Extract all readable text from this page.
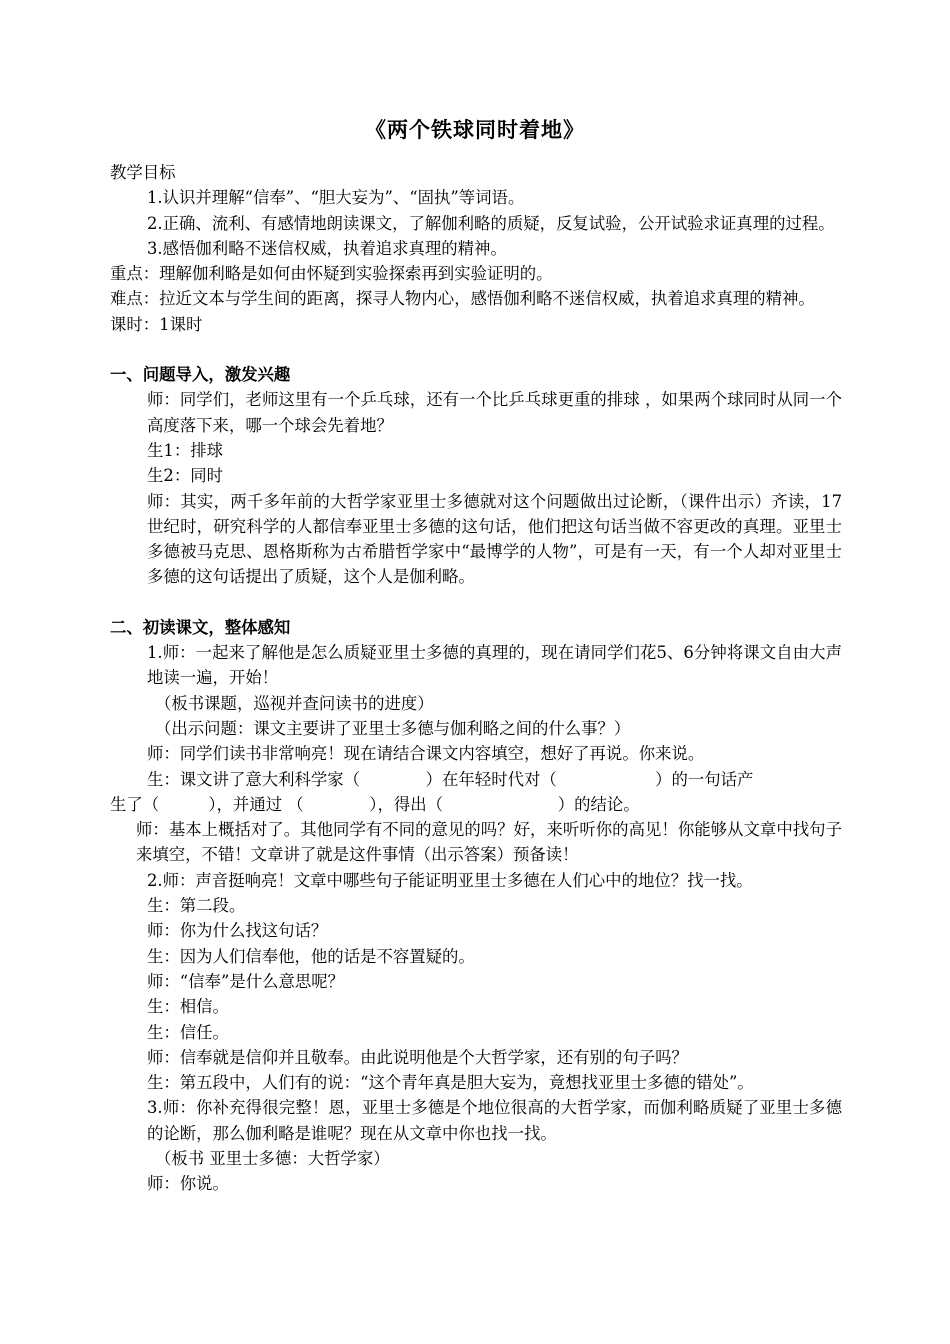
《两个铁球同时着地》

教学目标

1.认识并理解“信奉”、“胆大妄为”、“固执”等词语。

2.正确、流利、有感情地朗读课文，了解伽利略的质疑，反复试验，公开试验求证真理的过程。

3.感悟伽利略不迷信权威，执着追求真理的精神。

重点：理解伽利略是如何由怀疑到实验探索再到实验证明的。

难点：拉近文本与学生间的距离，探寻人物内心，感悟伽利略不迷信权威，执着追求真理的精神。

课时：1课时

一、问题导入，激发兴趣

师：同学们，老师这里有一个乒乓球，还有一个比乒乓球更重的排球 ，如果两个球同时从同一个高度落下来，哪一个球会先着地？

生1：排球

生2：同时

师：其实，两千多年前的大哲学家亚里士多德就对这个问题做出过论断，（课件出示）齐读，17世纪时，研究科学的人都信奉亚里士多德的这句话，他们把这句话当做不容更改的真理。亚里士多德被马克思、恩格斯称为古希腊哲学家中“最博学的人物”，可是有一天，有一个人却对亚里士多德的这句话提出了质疑，这个人是伽利略。

二、初读课文，整体感知

1.师：一起来了解他是怎么质疑亚里士多德的真理的，现在请同学们花5、6分钟将课文自由大声地读一遍，开始！

（板书课题，巡视并查问读书的进度）

（出示问题：课文主要讲了亚里士多德与伽利略之间的什么事？）

师：同学们读书非常响亮！现在请结合课文内容填空，想好了再说。你来说。

生：课文讲了意大利科学家（　　　　）在年轻时代对（　　　　　　）的一句话产

生了（　　　），并通过 （　　　　），得出（　　　　　　　）的结论。

师：基本上概括对了。其他同学有不同的意见的吗？好，来听听你的高见！你能够从文章中找句子来填空，不错！文章讲了就是这件事情（出示答案）预备读！

2.师：声音挺响亮！文章中哪些句子能证明亚里士多德在人们心中的地位？找一找。

生：第二段。

师：你为什么找这句话？

生：因为人们信奉他，他的话是不容置疑的。

师：“信奉”是什么意思呢？

生：相信。

生：信任。

师：信奉就是信仰并且敬奉。由此说明他是个大哲学家，还有别的句子吗？

生：第五段中，人们有的说：“这个青年真是胆大妄为，竟想找亚里士多德的错处”。

3.师：你补充得很完整！恩，亚里士多德是个地位很高的大哲学家，而伽利略质疑了亚里士多德的论断，那么伽利略是谁呢？现在从文章中你也找一找。

（板书 亚里士多德：大哲学家）

师：你说。
